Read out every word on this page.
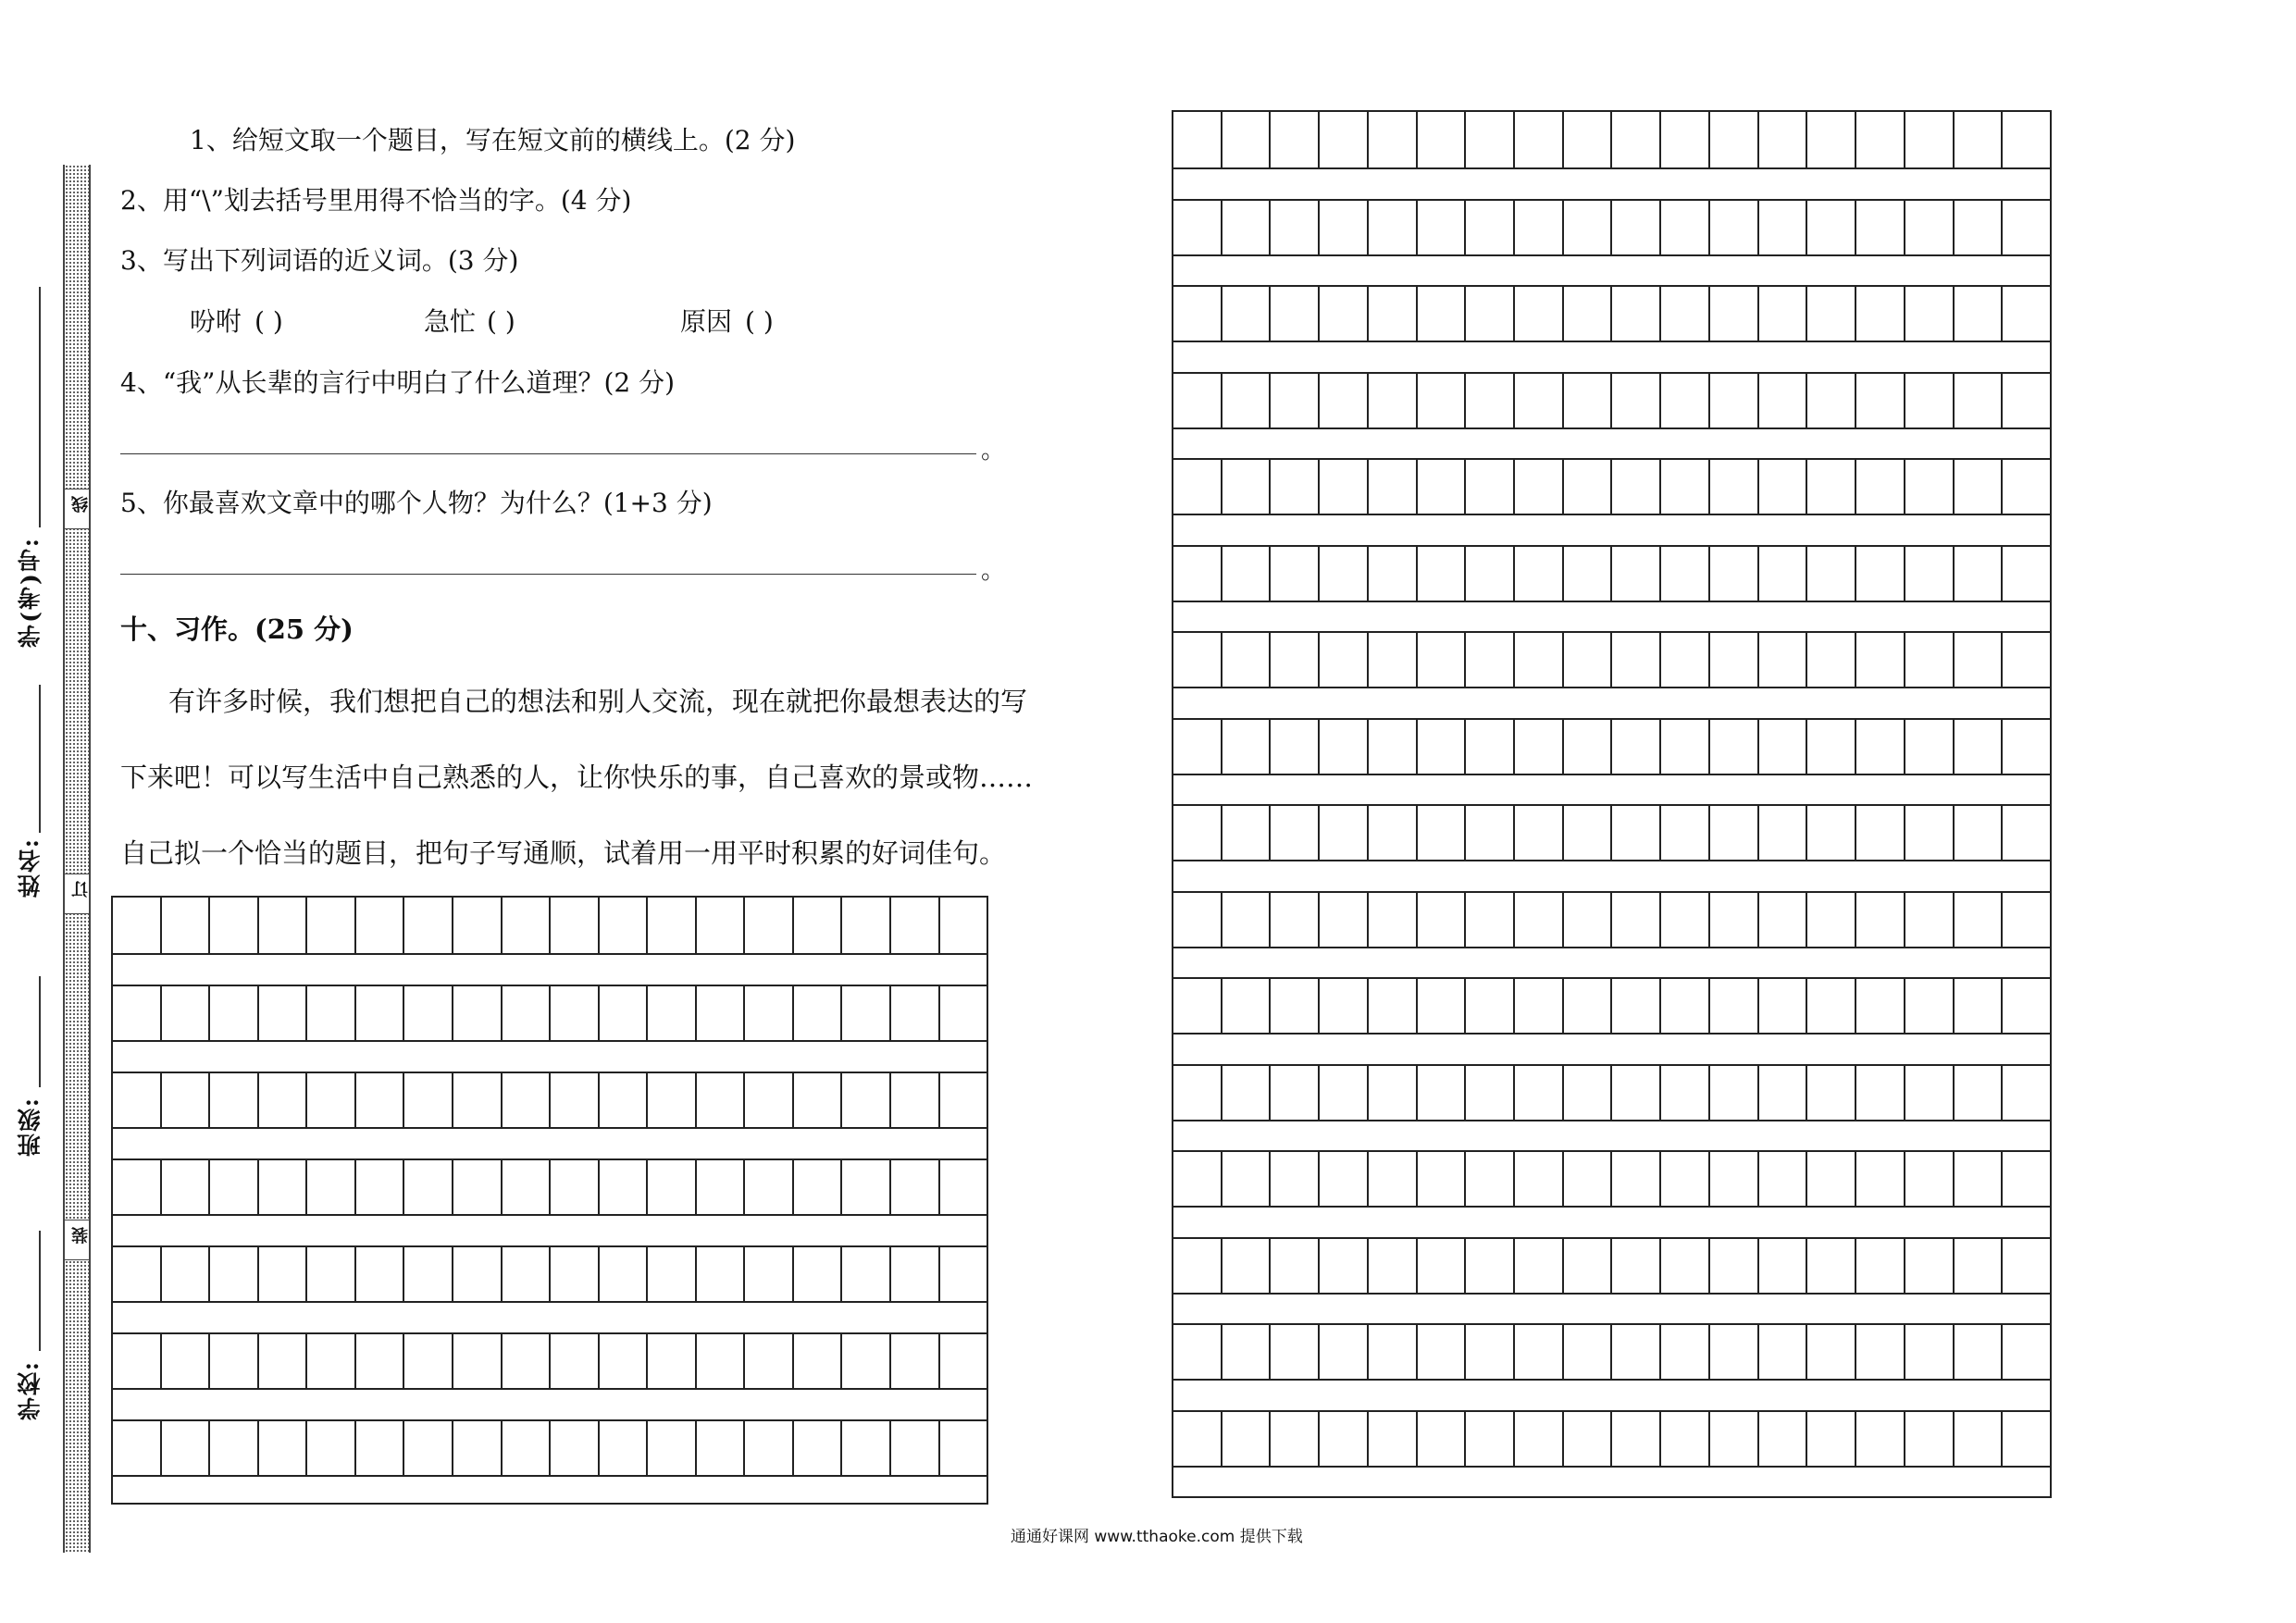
学校:
班级:
姓名:
学(考)号:
线
订
装
1、给短文取一个题目，写在短文前的横线上。(2 分)
2、用“\”划去括号里用得不恰当的字。(4 分)
3、写出下列词语的近义词。(3 分)
吩咐 ( )	急忙 ( )	原因 ( )
4、“我”从长辈的言行中明白了什么道理？(2 分)
。
5、你最喜欢文章中的哪个人物？为什么？(1+3 分)
。
十、习作。(25 分)
有许多时候，我们想把自己的想法和别人交流，现在就把你最想表达的写
下来吧！可以写生活中自己熟悉的人，让你快乐的事，自己喜欢的景或物……
自己拟一个恰当的题目，把句子写通顺，试着用一用平时积累的好词佳句。
通通好课网 www.tthaoke.com 提供下载
